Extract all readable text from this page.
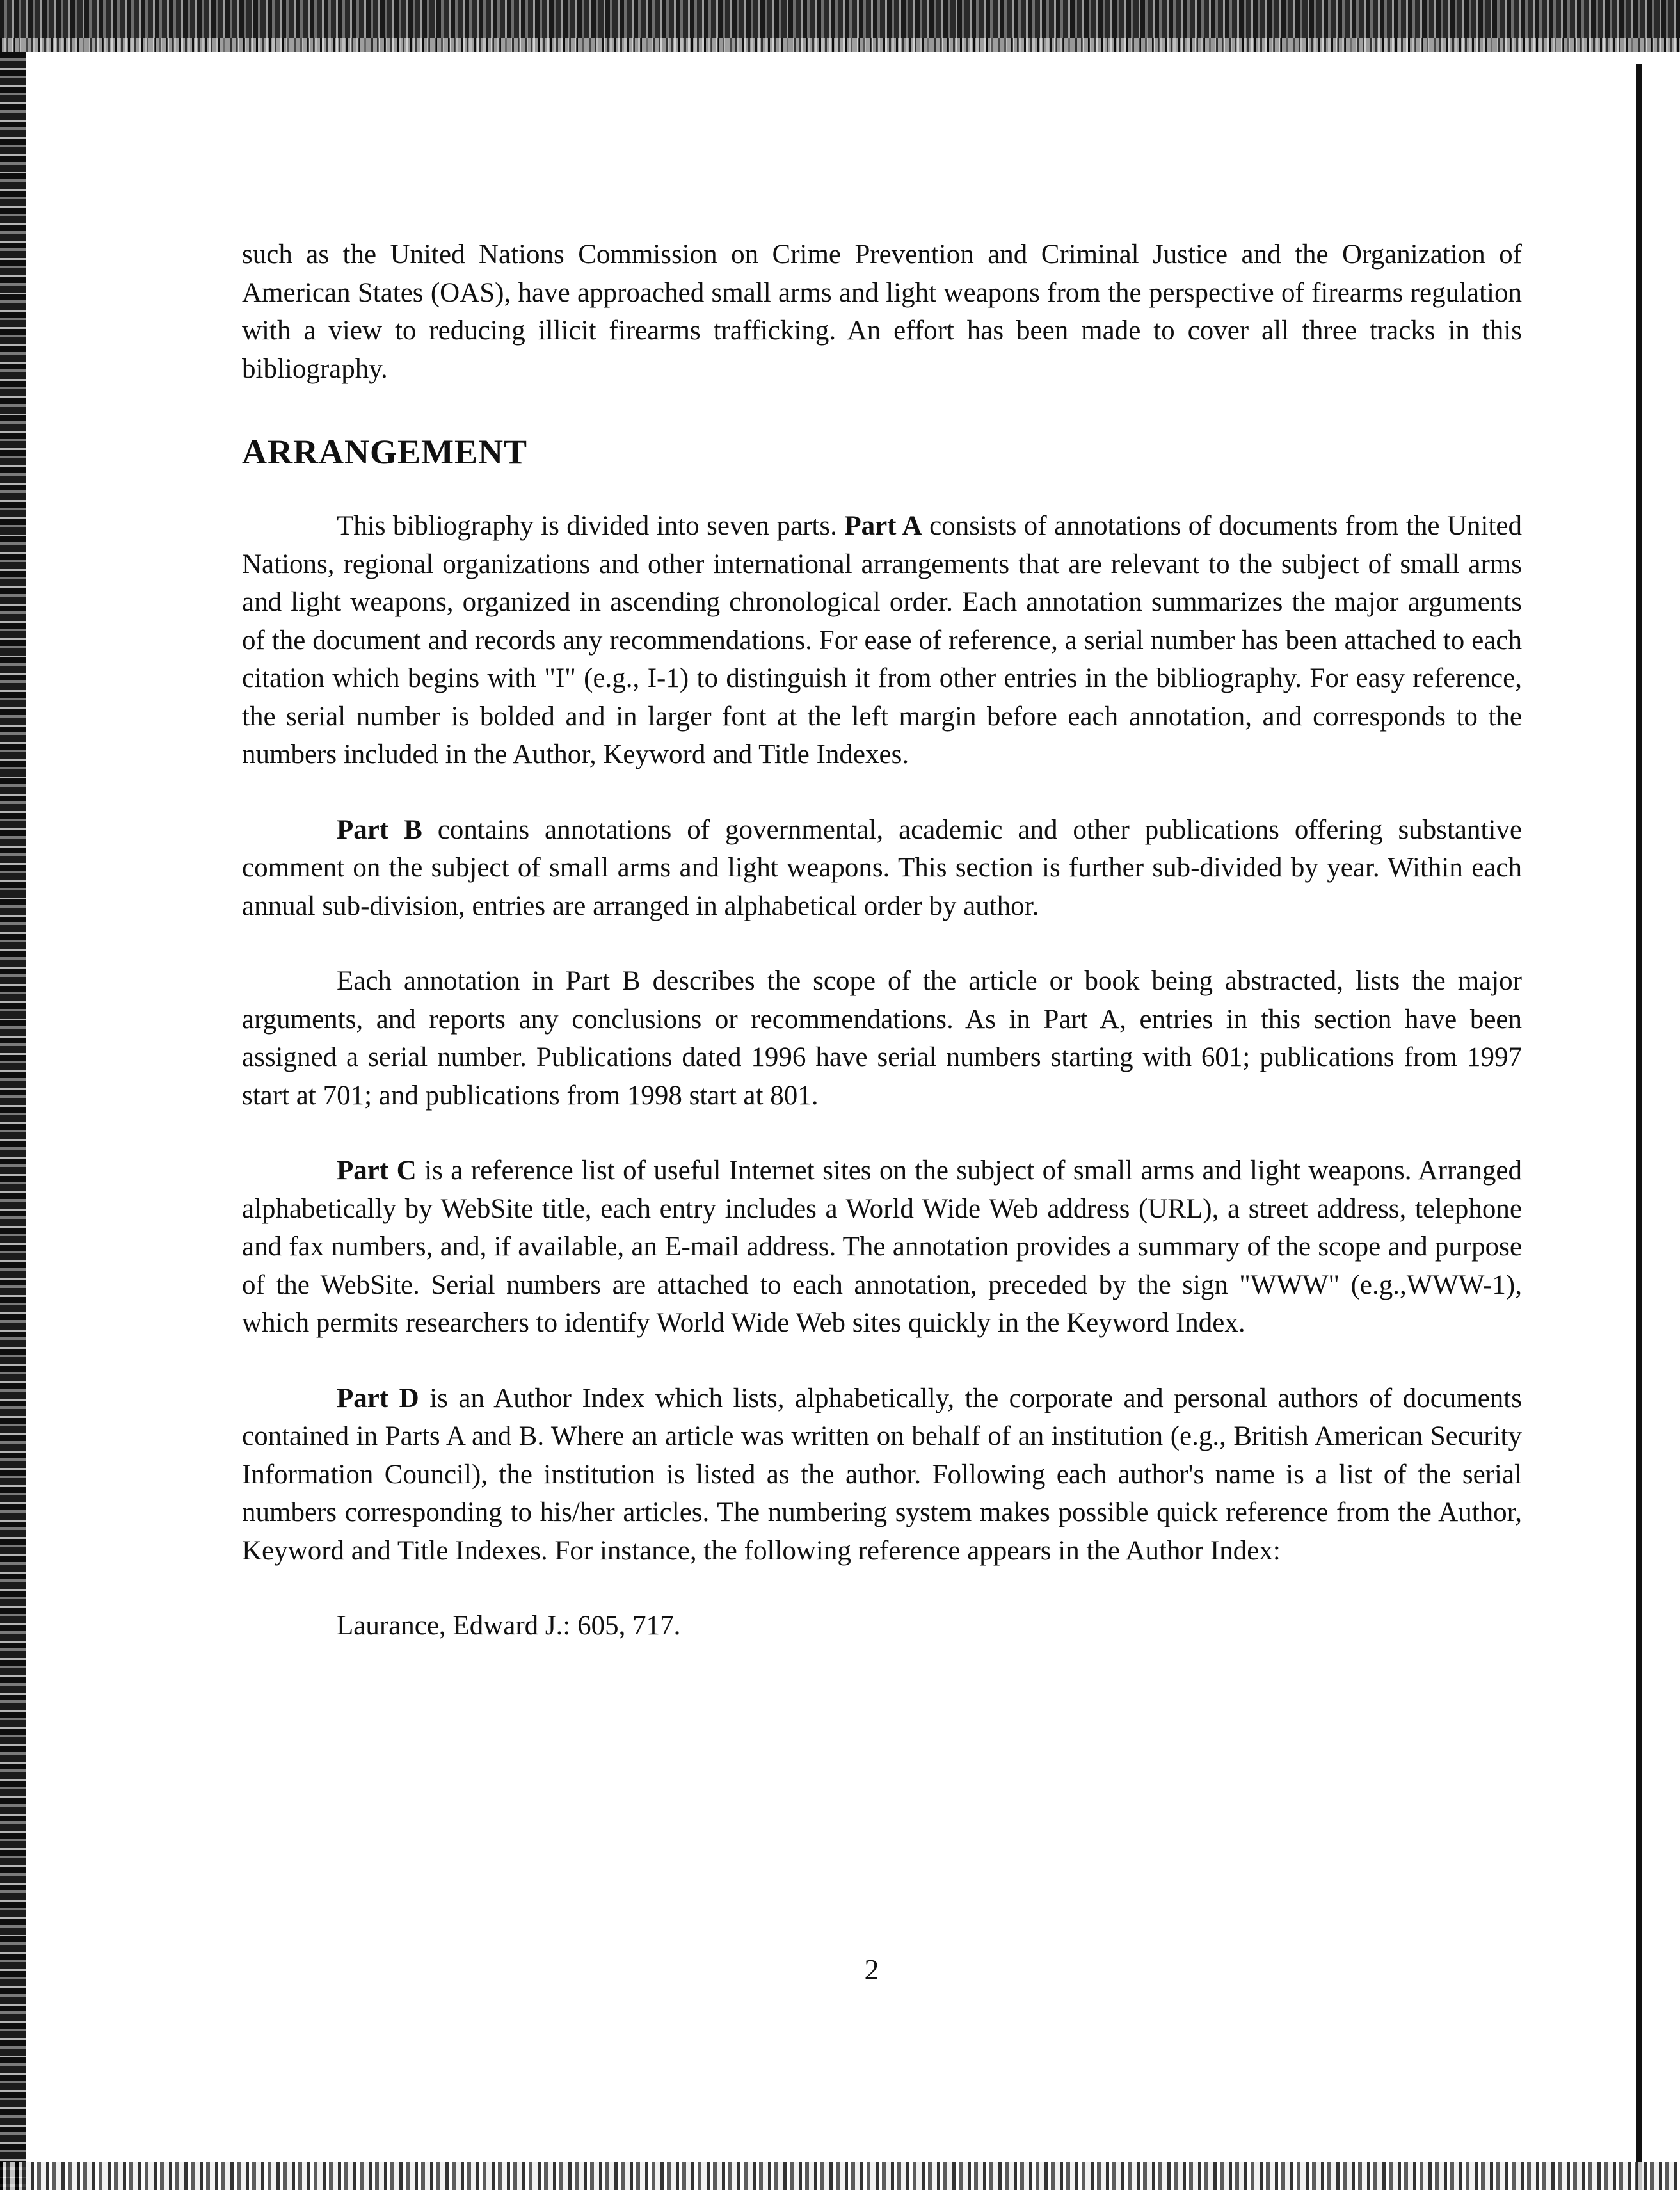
such as the United Nations Commission on Crime Prevention and Criminal Justice and the Organization of American States (OAS), have approached small arms and light weapons from the perspective of firearms regulation with a view to reducing illicit firearms trafficking. An effort has been made to cover all three tracks in this bibliography.

ARRANGEMENT

This bibliography is divided into seven parts. Part A consists of annotations of documents from the United Nations, regional organizations and other international arrangements that are relevant to the subject of small arms and light weapons, organized in ascending chronological order. Each annotation summarizes the major arguments of the document and records any recommendations. For ease of reference, a serial number has been attached to each citation which begins with "I" (e.g., I-1) to distinguish it from other entries in the bibliography. For easy reference, the serial number is bolded and in larger font at the left margin before each annotation, and corresponds to the numbers included in the Author, Keyword and Title Indexes.

Part B contains annotations of governmental, academic and other publications offering substantive comment on the subject of small arms and light weapons. This section is further sub-divided by year. Within each annual sub-division, entries are arranged in alphabetical order by author.

Each annotation in Part B describes the scope of the article or book being abstracted, lists the major arguments, and reports any conclusions or recommendations. As in Part A, entries in this section have been assigned a serial number. Publications dated 1996 have serial numbers starting with 601; publications from 1997 start at 701; and publications from 1998 start at 801.

Part C is a reference list of useful Internet sites on the subject of small arms and light weapons. Arranged alphabetically by WebSite title, each entry includes a World Wide Web address (URL), a street address, telephone and fax numbers, and, if available, an E-mail address. The annotation provides a summary of the scope and purpose of the WebSite. Serial numbers are attached to each annotation, preceded by the sign "WWW" (e.g.,WWW-1), which permits researchers to identify World Wide Web sites quickly in the Keyword Index.

Part D is an Author Index which lists, alphabetically, the corporate and personal authors of documents contained in Parts A and B. Where an article was written on behalf of an institution (e.g., British American Security Information Council), the institution is listed as the author. Following each author's name is a list of the serial numbers corresponding to his/her articles. The numbering system makes possible quick reference from the Author, Keyword and Title Indexes. For instance, the following reference appears in the Author Index:

Laurance, Edward J.: 605, 717.
2
